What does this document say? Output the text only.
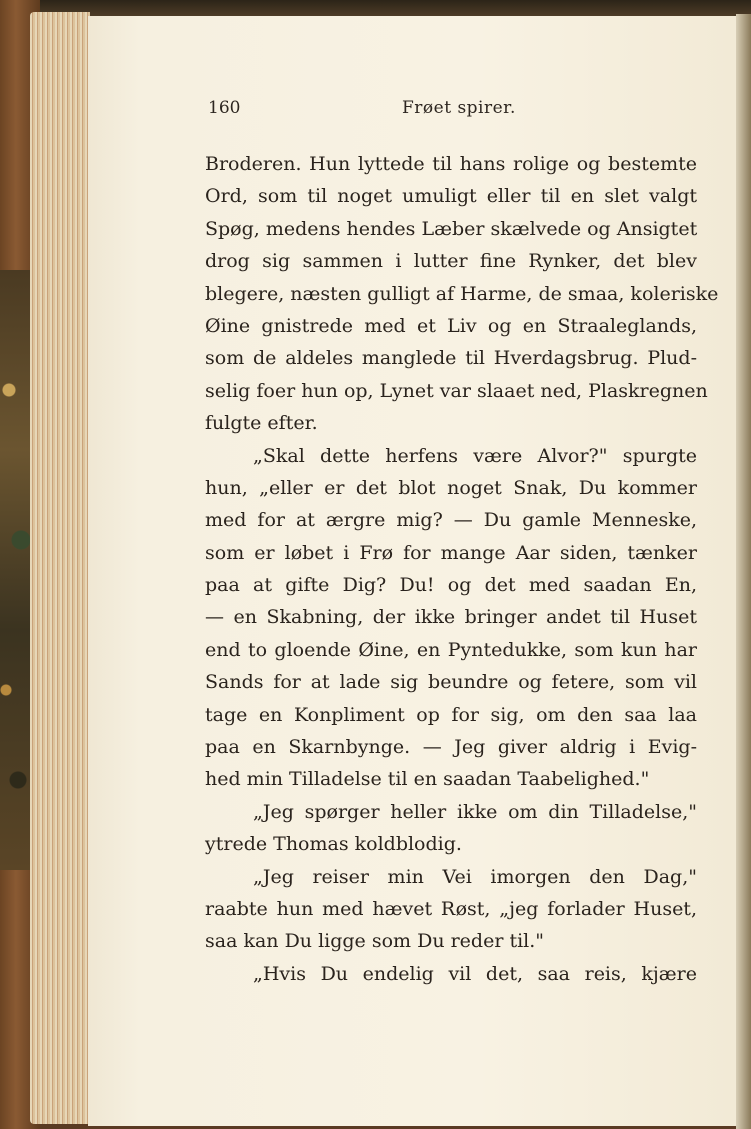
160	Frøet spirer.
Broderen. Hun lyttede til hans rolige og bestemte
Ord, som til noget umuligt eller til en slet valgt
Spøg, medens hendes Læber skælvede og Ansigtet
drog sig sammen i lutter fine Rynker, det blev
blegere, næsten gulligt af Harme, de smaa, koleriske
Øine gnistrede med et Liv og en Straaleglands,
som de aldeles manglede til Hverdagsbrug. Plud-
selig foer hun op, Lynet var slaaet ned, Plaskregnen
fulgte efter.
„Skal dette herfens være Alvor?" spurgte
hun, „eller er det blot noget Snak, Du kommer
med for at ærgre mig? — Du gamle Menneske,
som er løbet i Frø for mange Aar siden, tænker
paa at gifte Dig? Du! og det med saadan En,
— en Skabning, der ikke bringer andet til Huset
end to gloende Øine, en Pyntedukke, som kun har
Sands for at lade sig beundre og fetere, som vil
tage en Konpliment op for sig, om den saa laa
paa en Skarnbynge. — Jeg giver aldrig i Evig-
hed min Tilladelse til en saadan Taabelighed."
„Jeg spørger heller ikke om din Tilladelse,"
ytrede Thomas koldblodig.
„Jeg reiser min Vei imorgen den Dag,"
raabte hun med hævet Røst, „jeg forlader Huset,
saa kan Du ligge som Du reder til."
„Hvis Du endelig vil det, saa reis, kjære
